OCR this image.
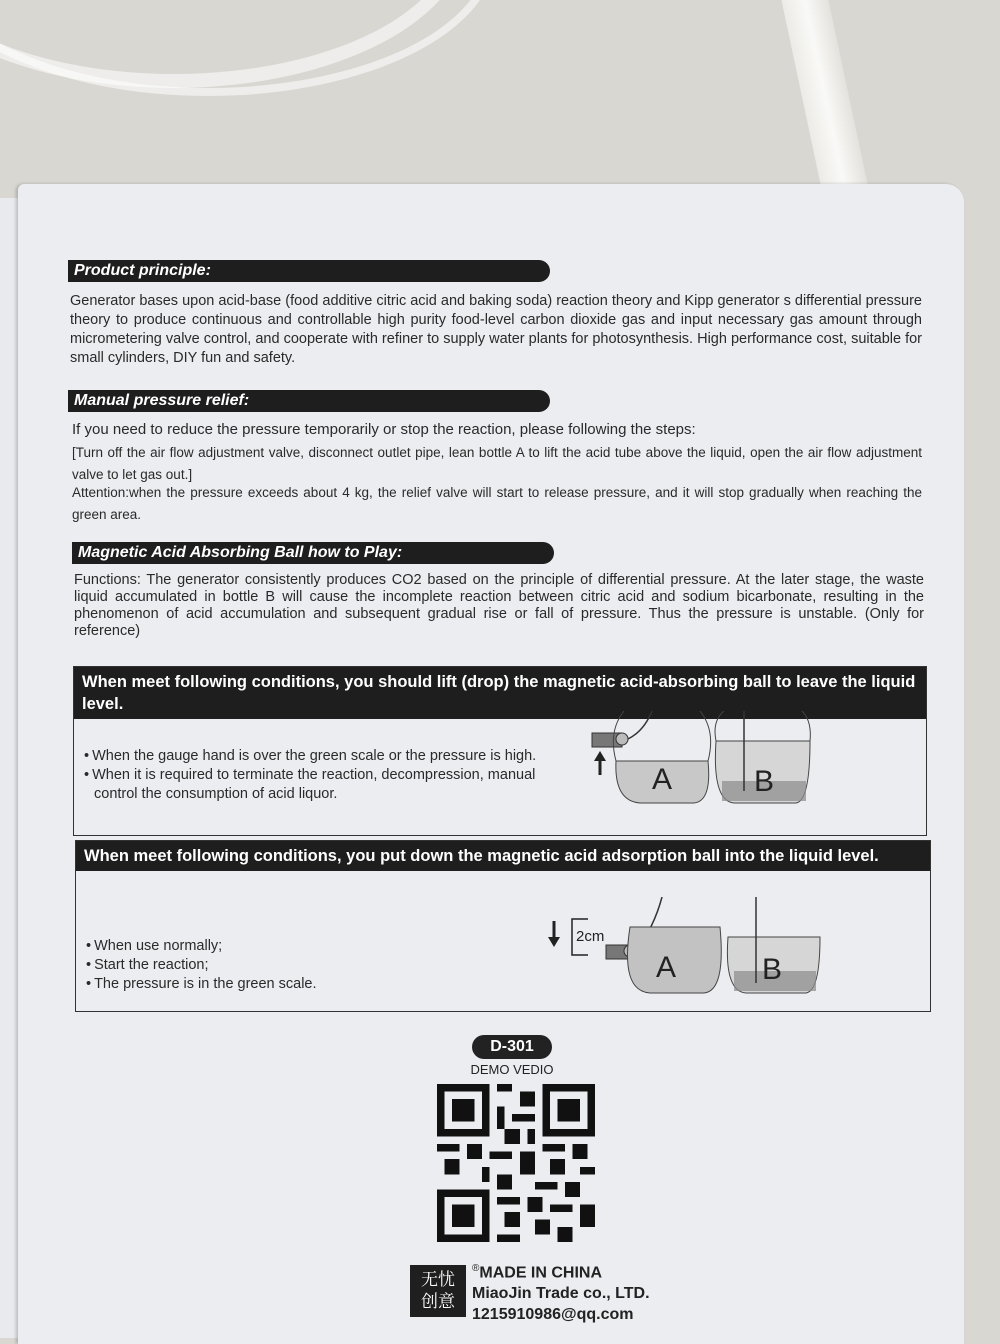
Product principle:
Generator bases upon acid-base (food additive citric acid and baking soda) reaction theory and Kipp generator s differential pressure theory to produce continuous and controllable high purity food-level carbon dioxide gas and input necessary gas amount through micrometering valve control, and cooperate with refiner to supply water plants for photosynthesis. High performance cost, suitable for small cylinders, DIY fun and safety.
Manual pressure relief:
If you need to reduce the pressure temporarily or stop the reaction, please following the steps:
[Turn off the air flow adjustment valve, disconnect outlet pipe, lean bottle A to lift the acid tube above the liquid, open the air flow adjustment valve to let gas out.]
Attention:when the pressure exceeds about 4 kg, the relief valve will start to release pressure, and it will stop gradually when reaching the green area.
Magnetic Acid Absorbing Ball how to Play:
Functions: The generator consistently produces CO2 based on the principle of differential pressure. At the later stage, the waste liquid accumulated in bottle B will cause the incomplete reaction between citric acid and sodium bicarbonate, resulting in the phenomenon of acid accumulation and subsequent gradual rise or fall of pressure. Thus the pressure is unstable. (Only for reference)
When meet following conditions, you should lift (drop) the magnetic acid-absorbing ball to leave the liquid level.
• When the gauge hand is over the green scale or the pressure is high.
• When it is required to terminate the reaction, decompression, manual control the consumption of acid liquor.	A	B
When meet following conditions, you put down the magnetic acid adsorption ball into the liquid level.
• When use normally;
• Start the reaction;
• The pressure is in the green scale.
2cm
A	B
D-301
DEMO VEDIO
无忧
创意
®MADE IN CHINA
MiaoJin Trade co., LTD.
1215910986@qq.com
